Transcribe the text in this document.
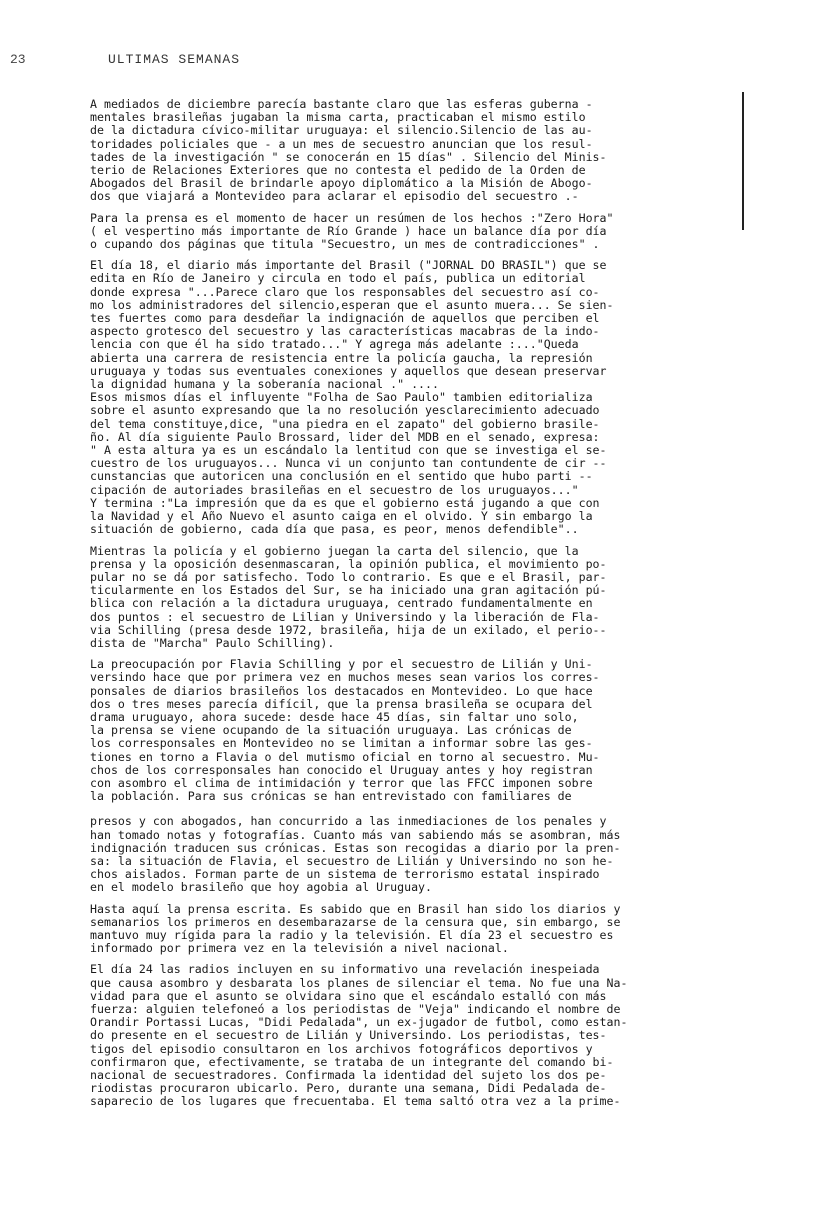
23	ULTIMAS SEMANAS

A mediados de diciembre parecía bastante claro que las esferas guberna -
mentales brasileñas jugaban la misma carta, practicaban el mismo estilo
de la dictadura cívico-militar uruguaya: el silencio.Silencio de las au-
toridades policiales que - a un mes de secuestro anuncian que los resul-
tades de la investigación " se conocerán en 15 días" . Silencio del Minis-
terio de Relaciones Exteriores que no contesta el pedido de la Orden de
Abogados del Brasil de brindarle apoyo diplomático a la Misión de Abogo-
dos que viajará a Montevideo para aclarar el episodio del secuestro .-

Para la prensa es el momento de hacer un resúmen de los hechos :"Zero Hora"
( el vespertino más importante de Río Grande ) hace un balance día por día
o cupando dos páginas que titula "Secuestro, un mes de contradicciones" .

El día 18, el diario más importante del Brasil ("JORNAL DO BRASIL") que se
edita en Río de Janeiro y circula en todo el país, publica un editorial
donde expresa "...Parece claro que los responsables del secuestro así co-
mo los administradores del silencio,esperan que el asunto muera... Se sien-
tes fuertes como para desdeñar la indignación de aquellos que perciben el
aspecto grotesco del secuestro y las características macabras de la indo-
lencia con que él ha sido tratado..." Y agrega más adelante :..."Queda
abierta una carrera de resistencia entre la policía gaucha, la represión
uruguaya y todas sus eventuales conexiones y aquellos que desean preservar
la dignidad humana y la soberanía nacional ." ....
Esos mismos días el influyente "Folha de Sao Paulo" tambien editorializa
sobre el asunto expresando que la no resolución yesclarecimiento adecuado
del tema constituye,dice, "una piedra en el zapato" del gobierno brasile-
ño. Al día siguiente Paulo Brossard, lider del MDB en el senado, expresa:
" A esta altura ya es un escándalo la lentitud con que se investiga el se-
cuestro de los uruguayos... Nunca vi un conjunto tan contundente de cir --
cunstancias que autoricen una conclusión en el sentido que hubo parti --
cipación de autoriades brasileñas en el secuestro de los uruguayos..."
Y termina :"La impresión que da es que el gobierno está jugando a que con
la Navidad y el Año Nuevo el asunto caiga en el olvido. Y sin embargo la
situación de gobierno, cada día que pasa, es peor, menos defendible"..

Mientras la policía y el gobierno juegan la carta del silencio, que la
prensa y la oposición desenmascaran, la opinión publica, el movimiento po-
pular no se dá por satisfecho. Todo lo contrario. Es que e el Brasil, par-
ticularmente en los Estados del Sur, se ha iniciado una gran agitación pú-
blica con relación a la dictadura uruguaya, centrado fundamentalmente en
dos puntos : el secuestro de Lilian y Universindo y la liberación de Fla-
via Schilling (presa desde 1972, brasileña, hija de un exilado, el perio--
dista de "Marcha" Paulo Schilling).

La preocupación por Flavia Schilling y por el secuestro de Lilián y Uni-
versindo hace que por primera vez en muchos meses sean varios los corres-
ponsales de diarios brasileños los destacados en Montevideo. Lo que hace
dos o tres meses parecía difícil, que la prensa brasileña se ocupara del
drama uruguayo, ahora sucede: desde hace 45 días, sin faltar uno solo,
la prensa se viene ocupando de la situación uruguaya. Las crónicas de
los corresponsales en Montevideo no se limitan a informar sobre las ges-
tiones en torno a Flavia o del mutismo oficial en torno al secuestro. Mu-
chos de los corresponsales han conocido el Uruguay antes y hoy registran
con asombro el clima de intimidación y terror que las FFCC imponen sobre
la población. Para sus crónicas se han entrevistado con familiares de

presos y con abogados, han concurrido a las inmediaciones de los penales y
han tomado notas y fotografías. Cuanto más van sabiendo más se asombran, más
indignación traducen sus crónicas. Estas son recogidas a diario por la pren-
sa: la situación de Flavia, el secuestro de Lilián y Universindo no son he-
chos aislados. Forman parte de un sistema de terrorismo estatal inspirado
en el modelo brasileño que hoy agobia al Uruguay.

Hasta aquí la prensa escrita. Es sabido que en Brasil han sido los diarios y
semanarios los primeros en desembarazarse de la censura que, sin embargo, se
mantuvo muy rígida para la radio y la televisión. El día 23 el secuestro es
informado por primera vez en la televisión a nivel nacional.

El día 24 las radios incluyen en su informativo una revelación inespeiada
que causa asombro y desbarata los planes de silenciar el tema. No fue una Na-
vidad para que el asunto se olvidara sino que el escándalo estalló con más
fuerza: alguien telefoneó a los periodistas de "Veja" indicando el nombre de
Orandir Portassi Lucas, "Didi Pedalada", un ex-jugador de futbol, como estan-
do presente en el secuestro de Lilián y Universindo. Los periodistas, tes-
tigos del episodio consultaron en los archivos fotográficos deportivos y
confirmaron que, efectivamente, se trataba de un integrante del comando bi-
nacional de secuestradores. Confirmada la identidad del sujeto los dos pe-
riodistas procuraron ubicarlo. Pero, durante una semana, Didi Pedalada de-
saparecio de los lugares que frecuentaba. El tema saltó otra vez a la prime-
